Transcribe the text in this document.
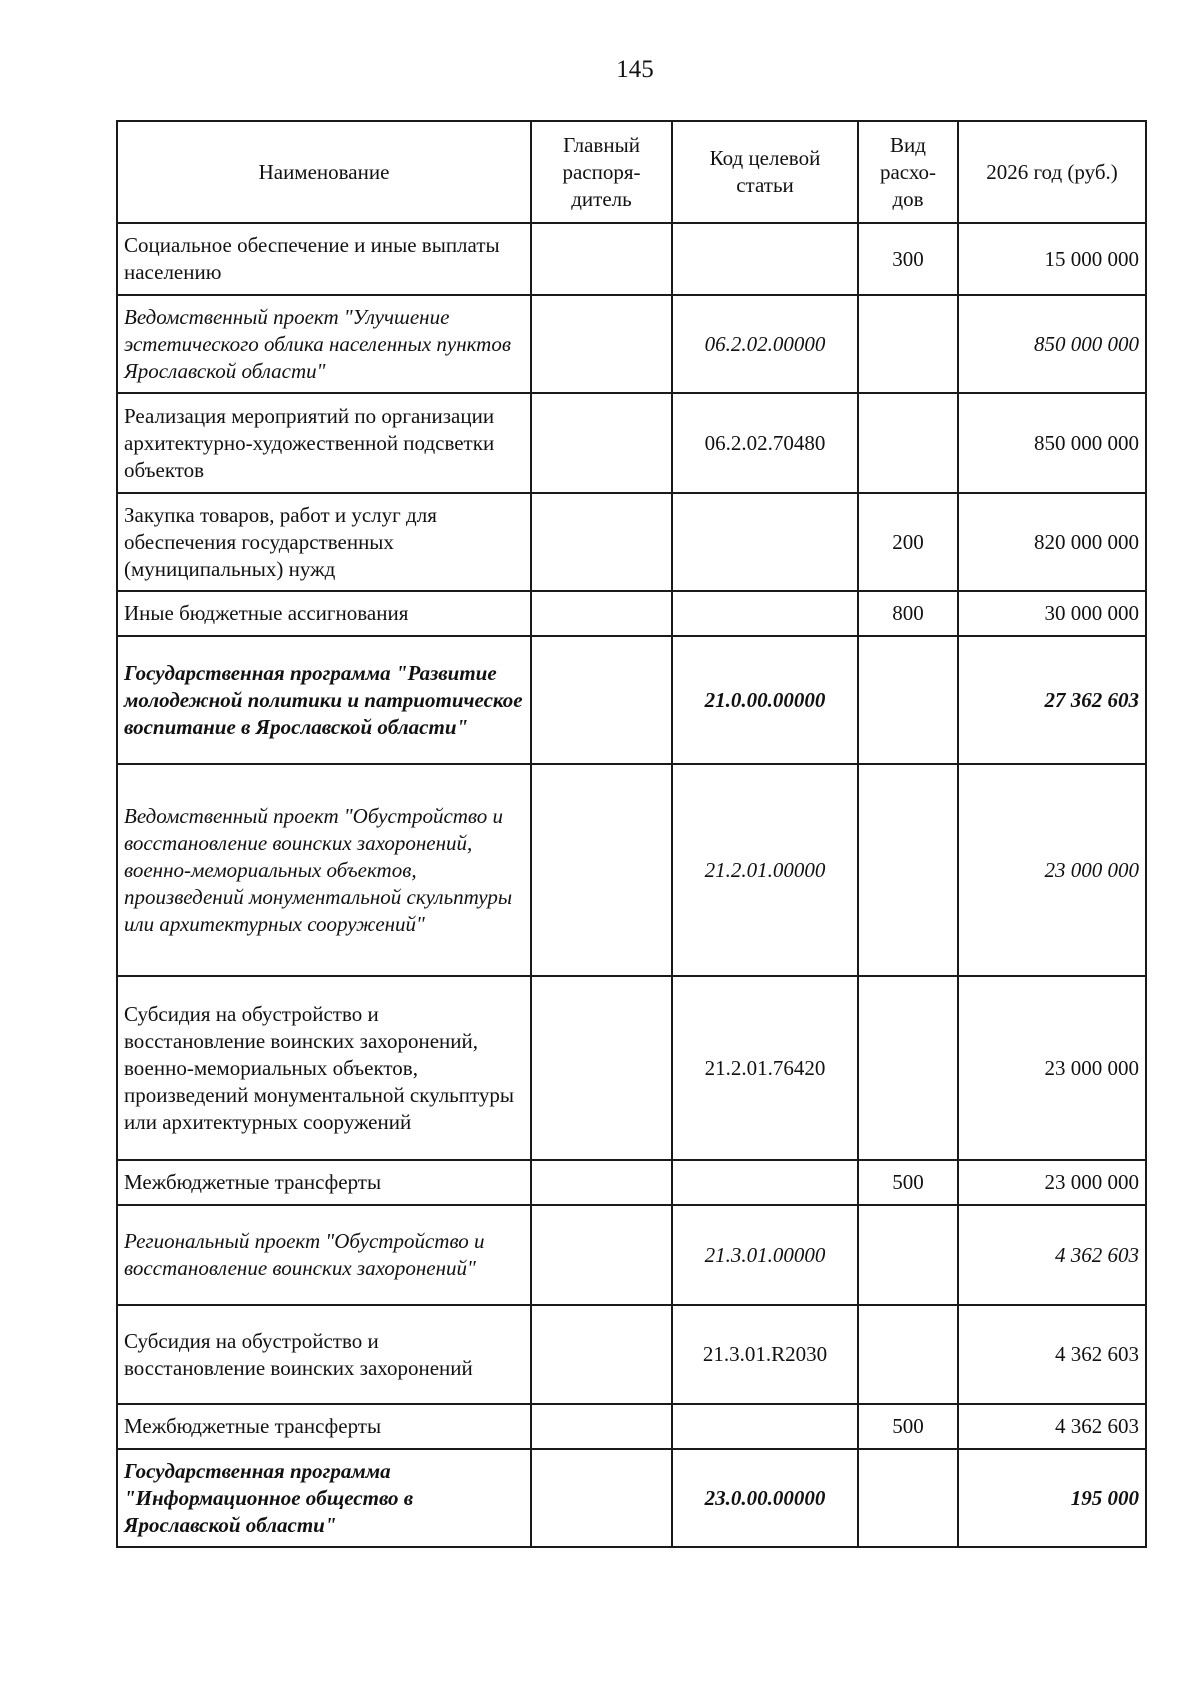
145
Наименование	Главный распоря-дитель	Код целевой статьи	Вид расхо-дов	2026 год (руб.)
Социальное обеспечение и иные выплаты населению			300	15 000 000
Ведомственный проект "Улучшение эстетического облика населенных пунктов Ярославской области"		06.2.02.00000		850 000 000
Реализация мероприятий по организации архитектурно-художественной подсветки объектов		06.2.02.70480		850 000 000
Закупка товаров, работ и услуг для обеспечения государственных (муниципальных) нужд			200	820 000 000
Иные бюджетные ассигнования			800	30 000 000
Государственная программа "Развитие молодежной политики и патриотическое воспитание в Ярославской области"		21.0.00.00000		27 362 603
Ведомственный проект "Обустройство и восстановление воинских захоронений, военно-мемориальных объектов, произведений монументальной скульптуры или архитектурных сооружений"		21.2.01.00000		23 000 000
Субсидия на обустройство и восстановление воинских захоронений, военно-мемориальных объектов, произведений монументальной скульптуры или архитектурных сооружений		21.2.01.76420		23 000 000
Межбюджетные трансферты			500	23 000 000
Региональный проект "Обустройство и восстановление воинских захоронений"		21.3.01.00000		4 362 603
Субсидия на обустройство и восстановление воинских захоронений		21.3.01.R2030		4 362 603
Межбюджетные трансферты			500	4 362 603
Государственная программа "Информационное общество в Ярославской области"		23.0.00.00000		195 000
